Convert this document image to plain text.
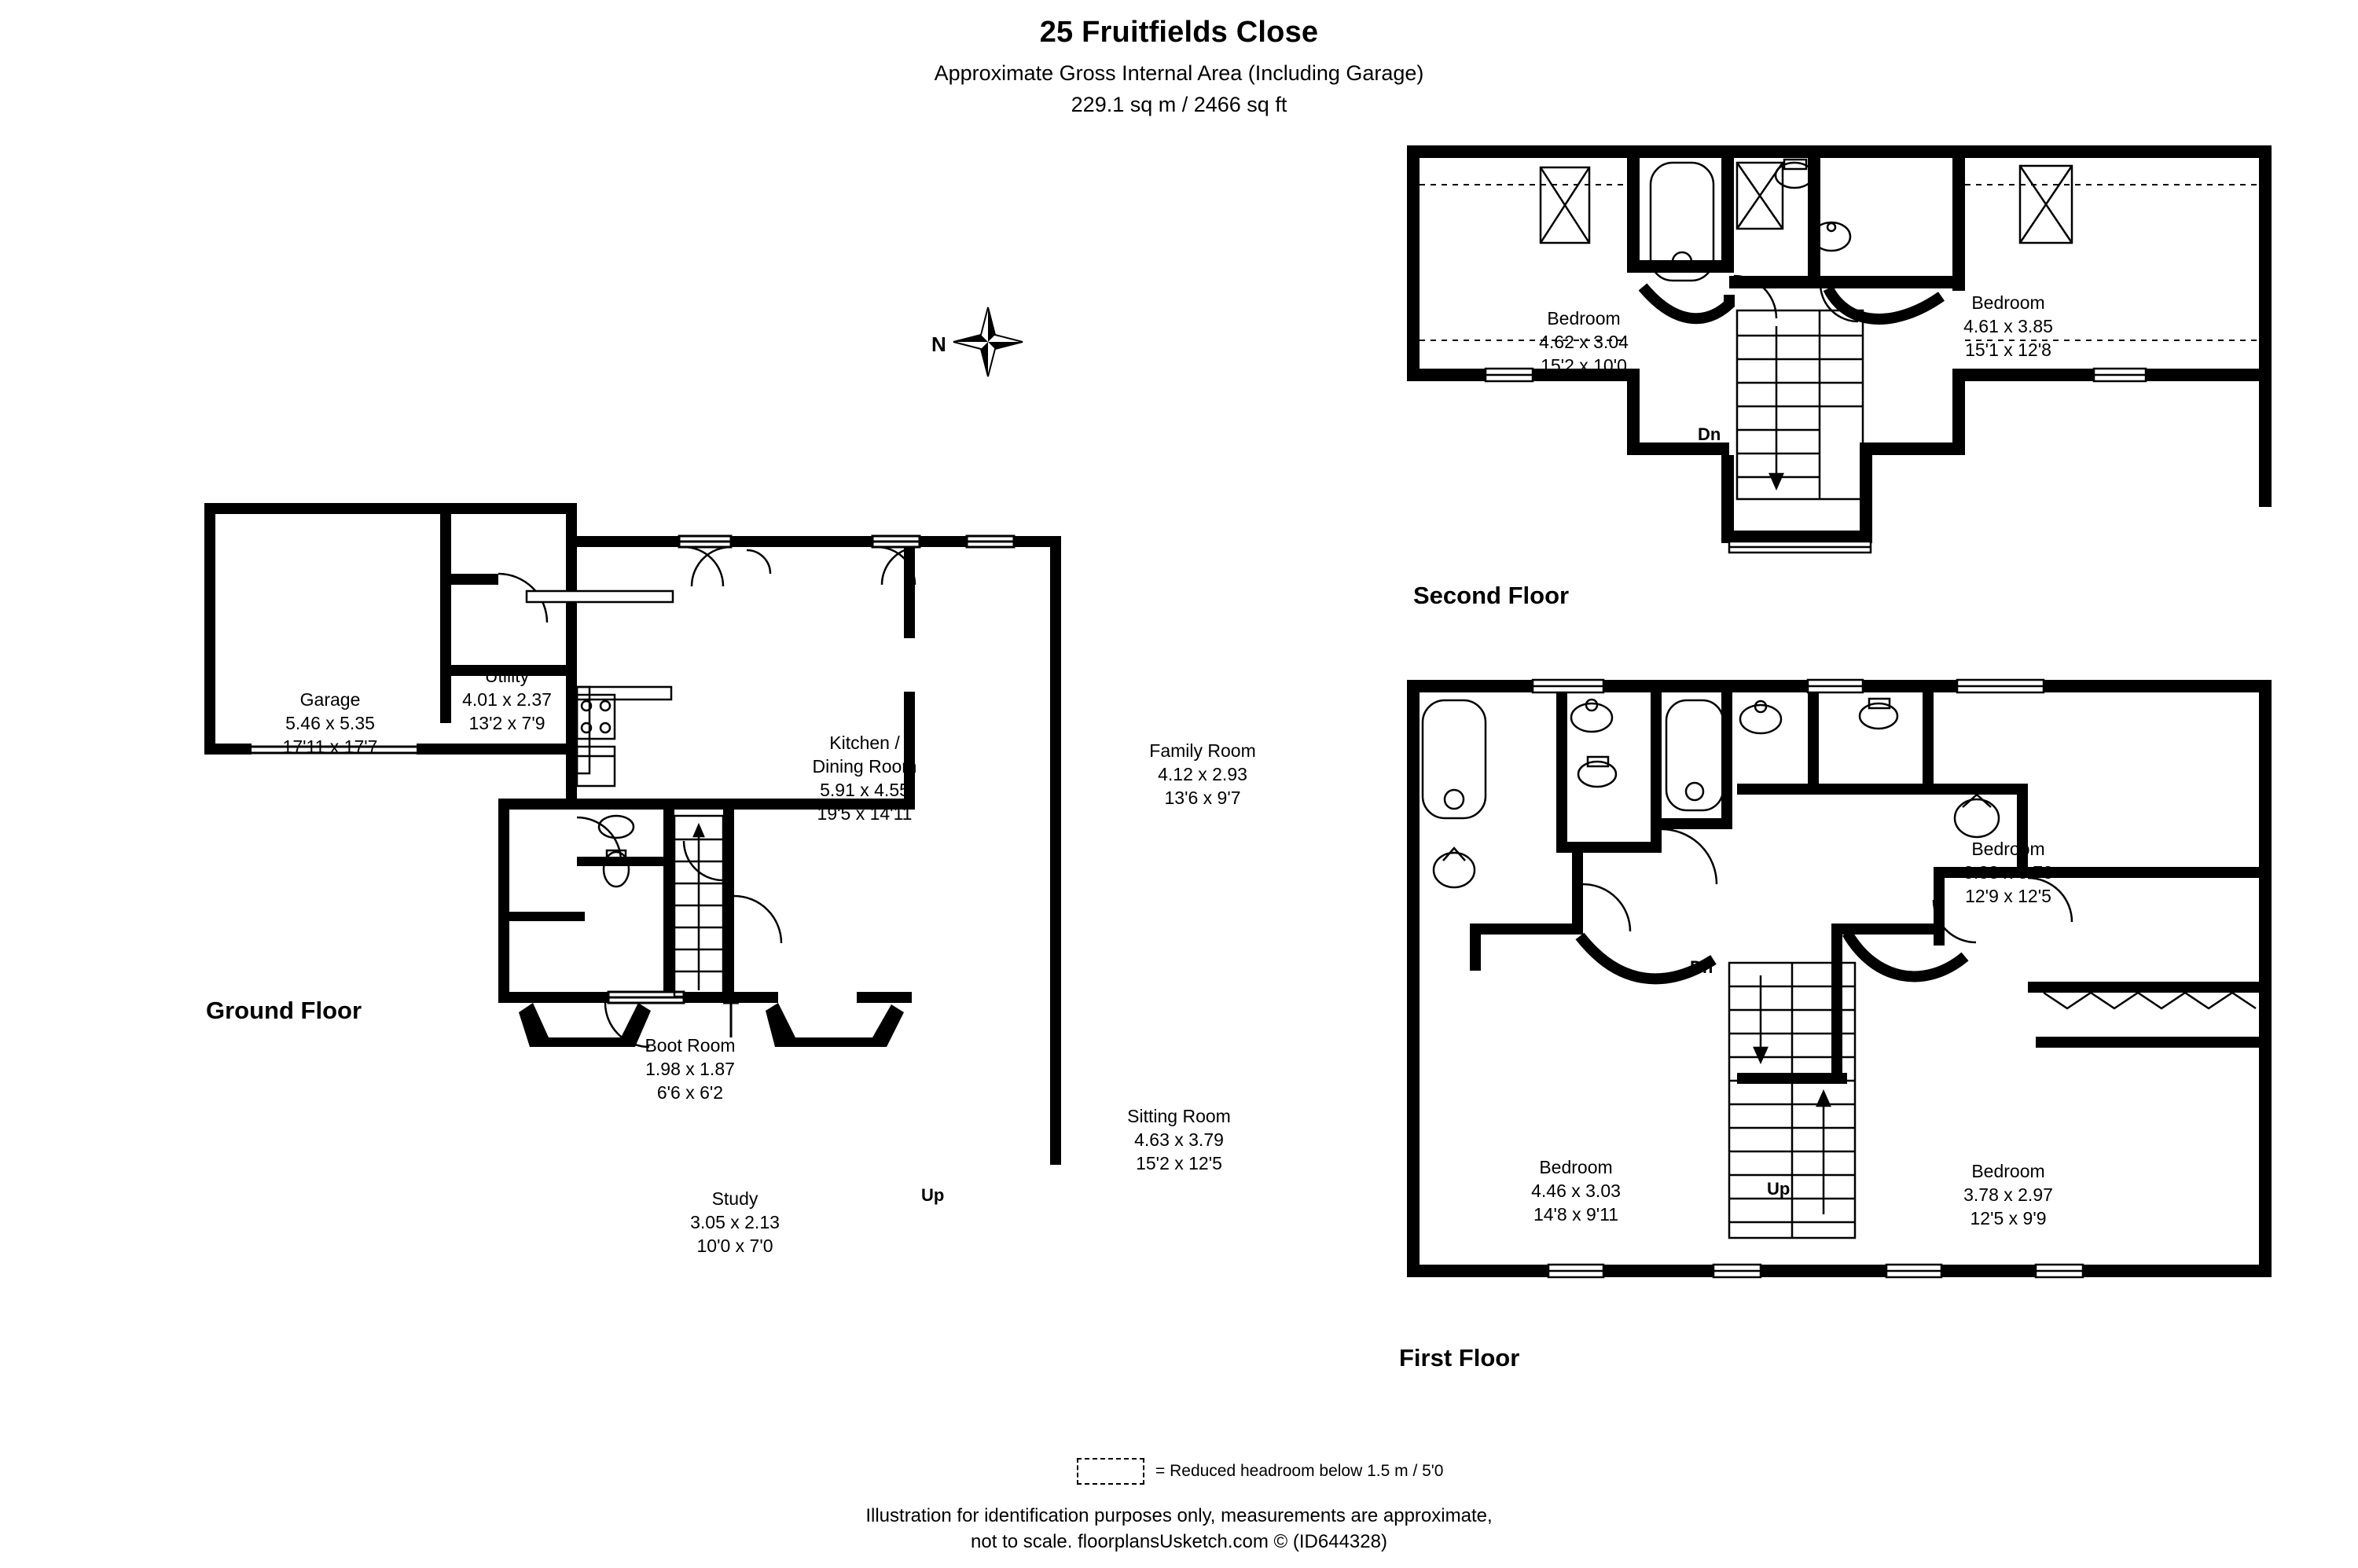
25 Fruitfields Close
Approximate Gross Internal Area (Including Garage)
229.1 sq m / 2466 sq ft
N
Garage
5.46 x 5.35
17'11 x 17'7
Utility
4.01 x 2.37
13'2 x 7'9
Kitchen /
Dining Room
5.91 x 4.55
19'5 x 14'11
Family Room
4.12 x 2.93
13'6 x 9'7
Boot Room
1.98 x 1.87
6'6 x 6'2
Study
3.05 x 2.13
10'0 x 7'0
Sitting Room
4.63 x 3.79
15'2 x 12'5
Up
Bedroom
4.62 x 3.04
15'2 x 10'0
Bedroom
4.61 x 3.85
15'1 x 12'8
Dn
Bedroom
3.88 x 3.78
12'9 x 12'5
Bedroom
4.46 x 3.03
14'8 x 9'11
Bedroom
3.78 x 2.97
12'5 x 9'9
Dn
Up
Ground Floor
Second Floor
First Floor
= Reduced headroom below 1.5 m / 5'0
Illustration for identification purposes only, measurements are approximate,
not to scale. floorplansUsketch.com © (ID644328)
